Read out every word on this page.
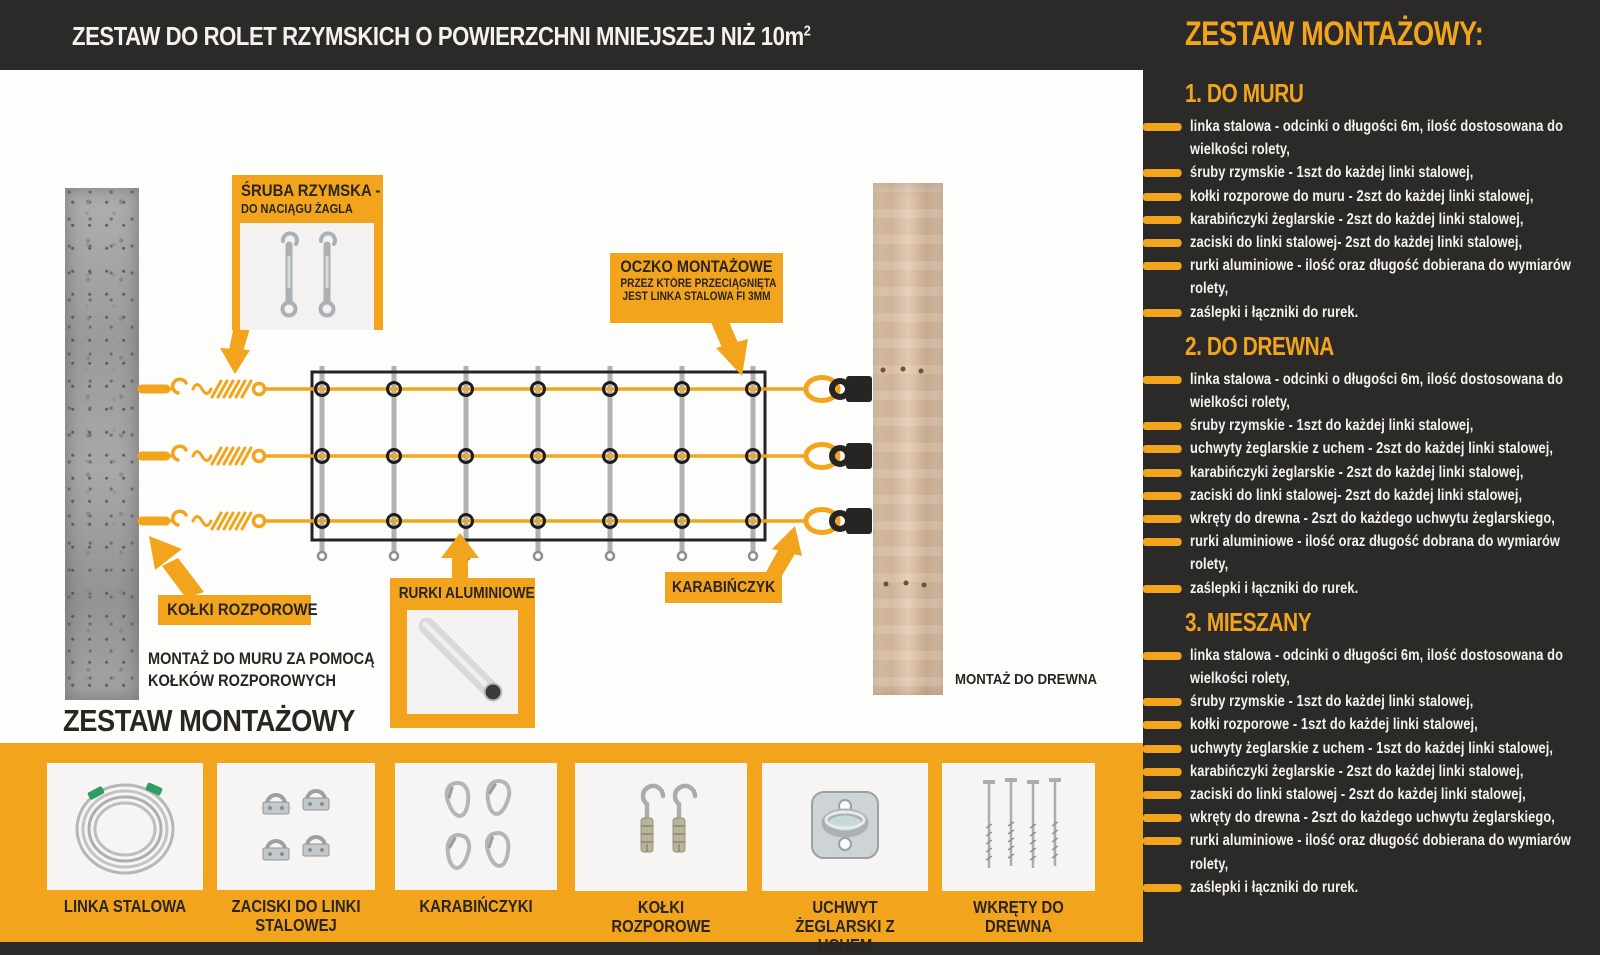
ZESTAW DO ROLET RZYMSKICH O POWIERZCHNI MNIEJSZEJ NIŻ $10m^2$
ŚRUBA RZYMSKA -
DO NACIĄGU ŻAGLA
OCZKO MONTAŻOWE
PRZEZ KTÓRE PRZECIĄGNIĘTA
JEST LINKA STALOWA FI 3MM
KOŁKI ROZPOROWE
RURKI ALUMINIOWE	KARABIŃCZYK
MONTAŻ DO MURU ZA POMOCĄ
KOŁKÓW ROZPOROWYCH	MONTAŻ DO DREWNA
ZESTAW MONTAŻOWY
LINKA STALOWA	ZACISKI DO LINKI STALOWEJ
KARABIŃCZYKI	KOŁKI ROZPOROWE
UCHWYT ŻEGLARSKI Z UCHEM
WKRĘTY DO DREWNA
ZESTAW MONTAŻOWY:
1. DO MURU
linka stalowa - odcinki o długości 6m, ilość dostosowana do wielkości rolety,
śruby rzymskie - 1szt do każdej linki stalowej,
kołki rozporowe do muru - 2szt do każdej linki stalowej,
karabińczyki żeglarskie - 2szt do każdej linki stalowej,
zaciski do linki stalowej- 2szt do każdej linki stalowej,
rurki aluminiowe - ilość oraz długość dobierana do wymiarów rolety,
zaślepki i łączniki do rurek.
2. DO DREWNA
linka stalowa - odcinki o długości 6m, ilość dostosowana do wielkości rolety,
śruby rzymskie - 1szt do każdej linki stalowej,
uchwyty żeglarskie z uchem - 2szt do każdej linki stalowej,
karabińczyki żeglarskie - 2szt do każdej linki stalowej,
zaciski do linki stalowej- 2szt do każdej linki stalowej,
wkręty do drewna - 2szt do każdego uchwytu żeglarskiego,
rurki aluminiowe - ilość oraz długość dobrana do wymiarów rolety,
zaślepki i łączniki do rurek.
3. MIESZANY
linka stalowa - odcinki o długości 6m, ilość dostosowana do wielkości rolety,
śruby rzymskie - 1szt do każdej linki stalowej,
kołki rozporowe - 1szt do każdej linki stalowej,
uchwyty żeglarskie z uchem - 1szt do każdej linki stalowej,
karabińczyki żeglarskie - 2szt do każdej linki stalowej,
zaciski do linki stalowej - 2szt do każdej linki stalowej,
wkręty do drewna - 2szt do każdego uchwytu żeglarskiego,
rurki aluminiowe - ilość oraz długość dobierana do wymiarów rolety,
zaślepki i łączniki do rurek.
